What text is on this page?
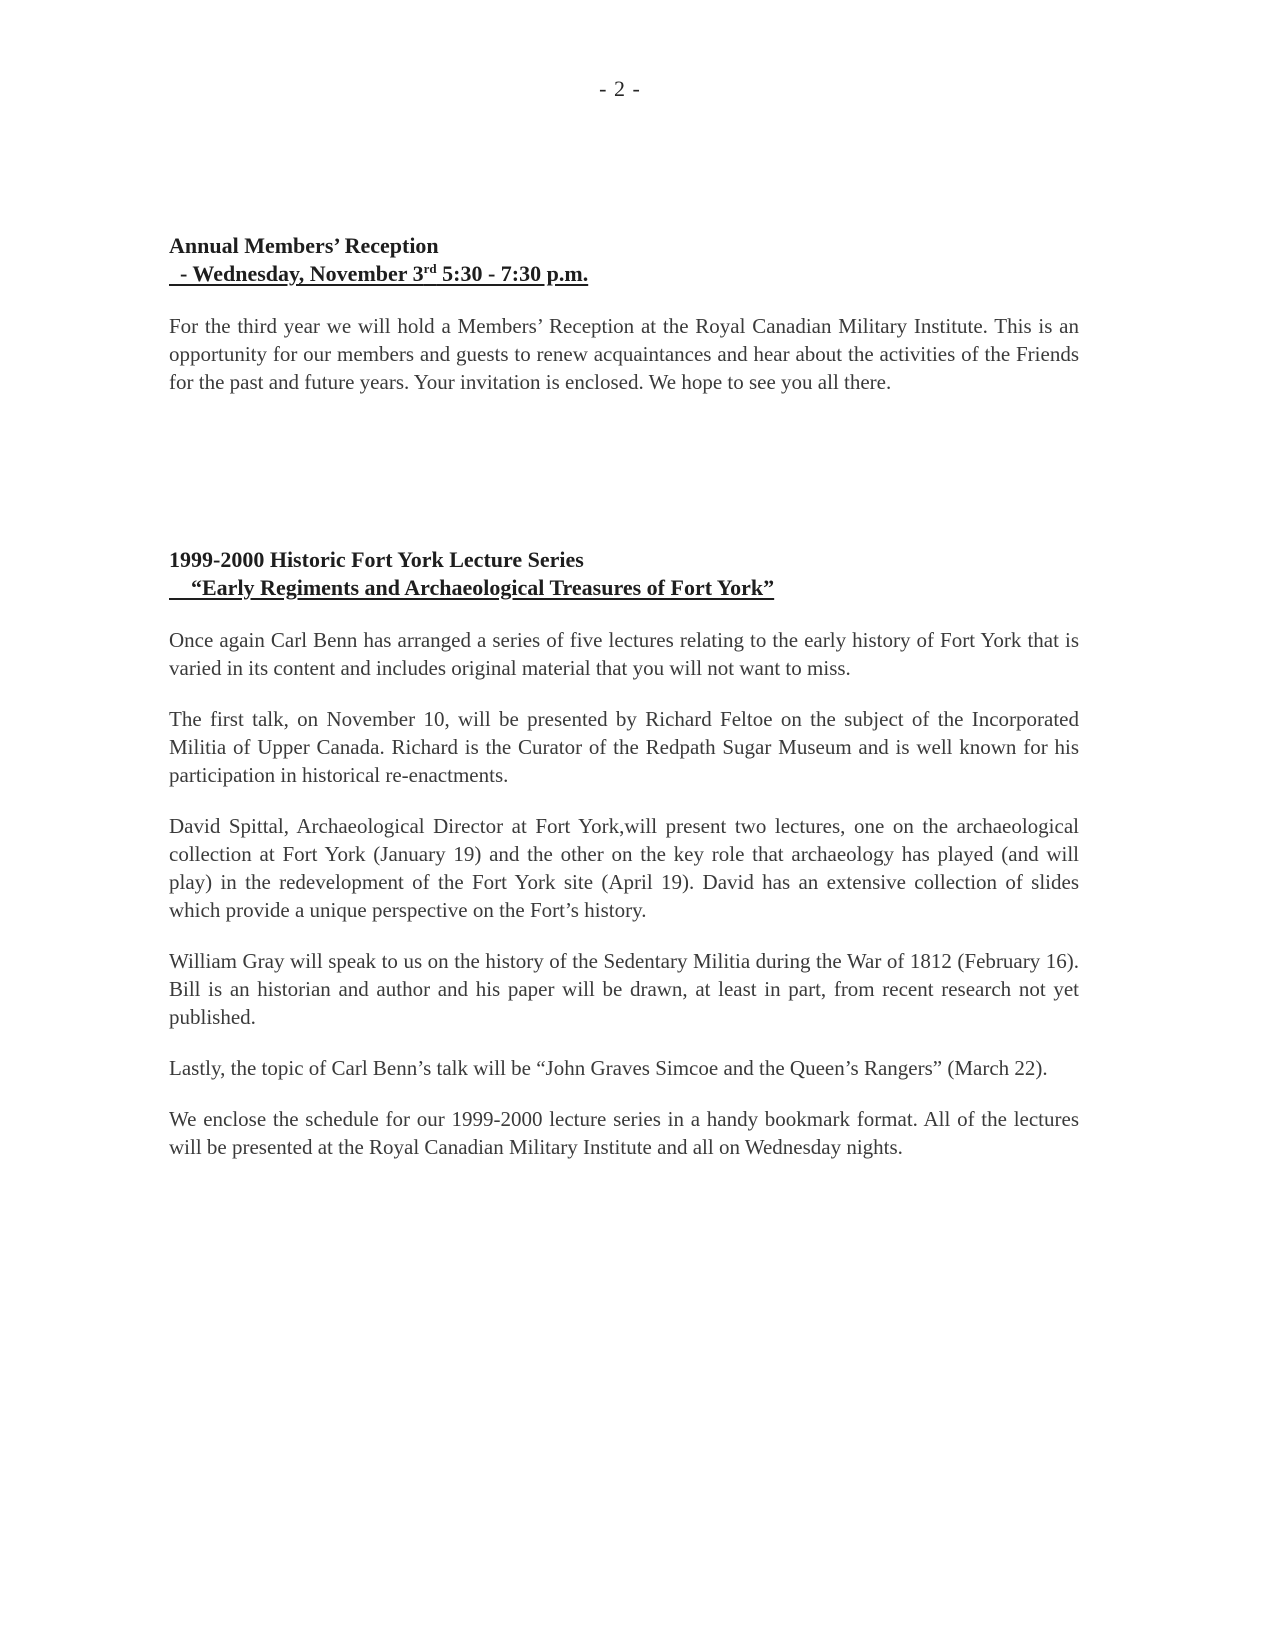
- 2 -
Annual Members’ Reception
- Wednesday, November 3rd 5:30 - 7:30 p.m.

For the third year we will hold a Members’ Reception at the Royal Canadian Military Institute. This is an opportunity for our members and guests to renew acquaintances and hear about the activities of the Friends for the past and future years. Your invitation is enclosed. We hope to see you all there.

1999-2000 Historic Fort York Lecture Series
“Early Regiments and Archaeological Treasures of Fort York”

Once again Carl Benn has arranged a series of five lectures relating to the early history of Fort York that is varied in its content and includes original material that you will not want to miss.

The first talk, on November 10, will be presented by Richard Feltoe on the subject of the Incorporated Militia of Upper Canada. Richard is the Curator of the Redpath Sugar Museum and is well known for his participation in historical re-enactments.

David Spittal, Archaeological Director at Fort York,will present two lectures, one on the archaeological collection at Fort York (January 19) and the other on the key role that archaeology has played (and will play) in the redevelopment of the Fort York site (April 19). David has an extensive collection of slides which provide a unique perspective on the Fort’s history.

William Gray will speak to us on the history of the Sedentary Militia during the War of 1812 (February 16). Bill is an historian and author and his paper will be drawn, at least in part, from recent research not yet published.

Lastly, the topic of Carl Benn’s talk will be “John Graves Simcoe and the Queen’s Rangers” (March 22).

We enclose the schedule for our 1999-2000 lecture series in a handy bookmark format. All of the lectures will be presented at the Royal Canadian Military Institute and all on Wednesday nights.
